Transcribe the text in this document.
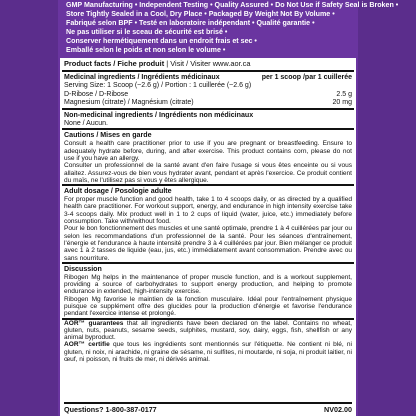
GMP Manufacturing • Independent Testing • Quality Assured • Do Not Use if Safety Seal is Broken •
Store Tightly Sealed in a Cool, Dry Place • Packaged By Weight Not By Volume •
Fabriqué selon BPF • Testé en laboratoire indépendant • Qualité garantie •
Ne pas utiliser si le sceau de sécurité est brisé •
Conserver hermétiquement dans un endroit frais et sec •
Emballé selon le poids et non selon le volume •
Product facts / Fiche produit | Visit / Visiter www.aor.ca
Medicinal ingredients / Ingrédients médicinaux	per 1 scoop /par 1 cuillerée
Serving Size: 1 Scoop (~2.6 g) / Portion : 1 cuillerée (~2.6 g)
D-Ribose / D-Ribose	2.5 g
Magnesium (citrate) / Magnésium (citrate)	20 mg
Non-medicinal ingredients / Ingrédients non médicinaux
None / Aucun.
Cautions / Mises en garde
Consult a health care practitioner prior to use if you are pregnant or breastfeeding. Ensure to adequately hydrate before, during, and after exercise. This product contains corn, please do not use if you have an allergy.
Consulter un professionnel de la santé avant d'en faire l'usage si vous êtes enceinte ou si vous allaitez. Assurez-vous de bien vous hydrater avant, pendant et après l'exercice. Ce produit contient du maïs, ne l'utilisez pas si vous y êtes allergique.
Adult dosage / Posologie adulte
For proper muscle function and good health, take 1 to 4 scoops daily, or as directed by a qualified health care practitioner. For workout support, energy, and endurance in high intensity exercise take 3-4 scoops daily. Mix product well in 1 to 2 cups of liquid (water, juice, etc.) immediately before consumption. Take with/without food.
Pour le bon fonctionnement des muscles et une santé optimale, prendre 1 à 4 cuillérées par jour ou selon les recommandations d'un professionnel de la santé. Pour les séances d'entraînement, l'énergie et l'endurance à haute intensité prendre 3 à 4 cuillérées par jour. Bien mélanger ce produit avec 1 à 2 tasses de liquide (eau, jus, etc.) immédiatement avant consommation. Prendre avec ou sans nourriture.
Discussion
Ribogen Mg helps in the maintenance of proper muscle function, and is a workout supplement, providing a source of carbohydrates to support energy production, and helping to promote endurance in extended, high-intensity exercise.
Ribogen Mg favorise le maintien de la fonction musculaire. Idéal pour l'entraînement physique puisque ce supplément offre des glucides pour la production d'énergie et favorise l'endurance pendant l'exercice intense et prolongé.
AOR™ guarantees that all ingredients have been declared on the label. Contains no wheat, gluten, nuts, peanuts, sesame seeds, sulphites, mustard, soy, dairy, eggs, fish, shellfish or any animal byproduct.
AOR™ certifie que tous les ingrédients sont mentionnés sur l'étiquette. Ne contient ni blé, ni gluten, ni noix, ni arachide, ni graine de sésame, ni sulfites, ni moutarde, ni soja, ni produit laitier, ni œuf, ni poisson, ni fruits de mer, ni dérivés animal.
Questions? 1-800-387-0177	NV02.00
